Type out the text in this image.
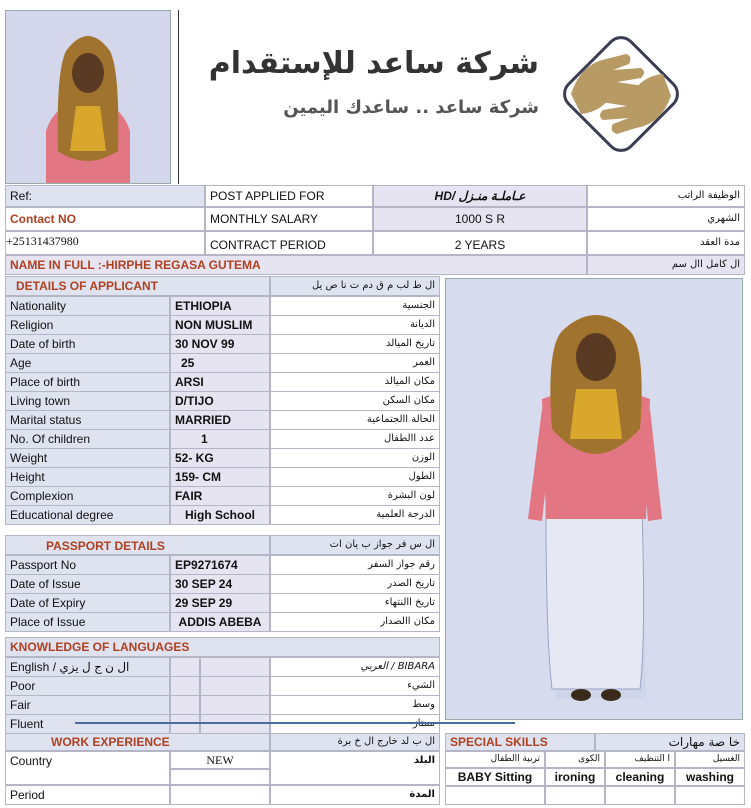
شركة ساعد للإستقدام
شركة ساعد .. ساعدك اليمين
Ref:	POST APPLIED FOR	HD/ عـاملـة منـزل	الوظيفة الراتب
Contact NO	MONTHLY SALARY	1000 S R	الشهري
+25131437980	CONTRACT PERIOD	2 YEARS	مدة العقد
NAME IN FULL :-HIRPHE REGASA GUTEMA	ال كامل اال سم
DETAILS OF APPLICANT	ال ط لب م ق دم ت نا ص يل
Nationality	ETHIOPIA	الجنسية
Religion	NON MUSLIM	الديانة
Date of birth	30 NOV 99	تاريخ الميالد
Age	25	العمر
Place of birth	ARSI	مكان الميالد
Living town	D/TIJO	مكان السكن
Marital status	MARRIED	الحالة االجتماعية
No. Of children	1	عدد االطفال
Weight	52- KG	الوزن
Height	159- CM	الطول
Complexion	FAIR	لون البشرة
Educational degree	High School	الدرجة العلمية
PASSPORT DETAILS	ال س فر جواز ب يان ات
Passport No	EP9271674	رقم جواز السفر
Date of Issue	30 SEP 24	تاريخ الصدر
Date of Expiry	29 SEP 29	تاريخ االنتهاء
Place of Issue	ADDIS ABEBA	مكان االصدار
KNOWLEDGE OF LANGUAGES
English / ال ن ج ل يزي	BIBARA / العربي
Poor	الشيء
Fair	وسط
Fluent	ممتاز
WORK EXPERIENCE	ال ب لد خارج ال خ برة
Country	NEW	البلد
Period	المدة
SPECIAL SKILLS	خا صة مهارات
تربية االطفال	الكوى	ا التنظيف	الغسيل
BABY Sitting	ironing	cleaning	washing
